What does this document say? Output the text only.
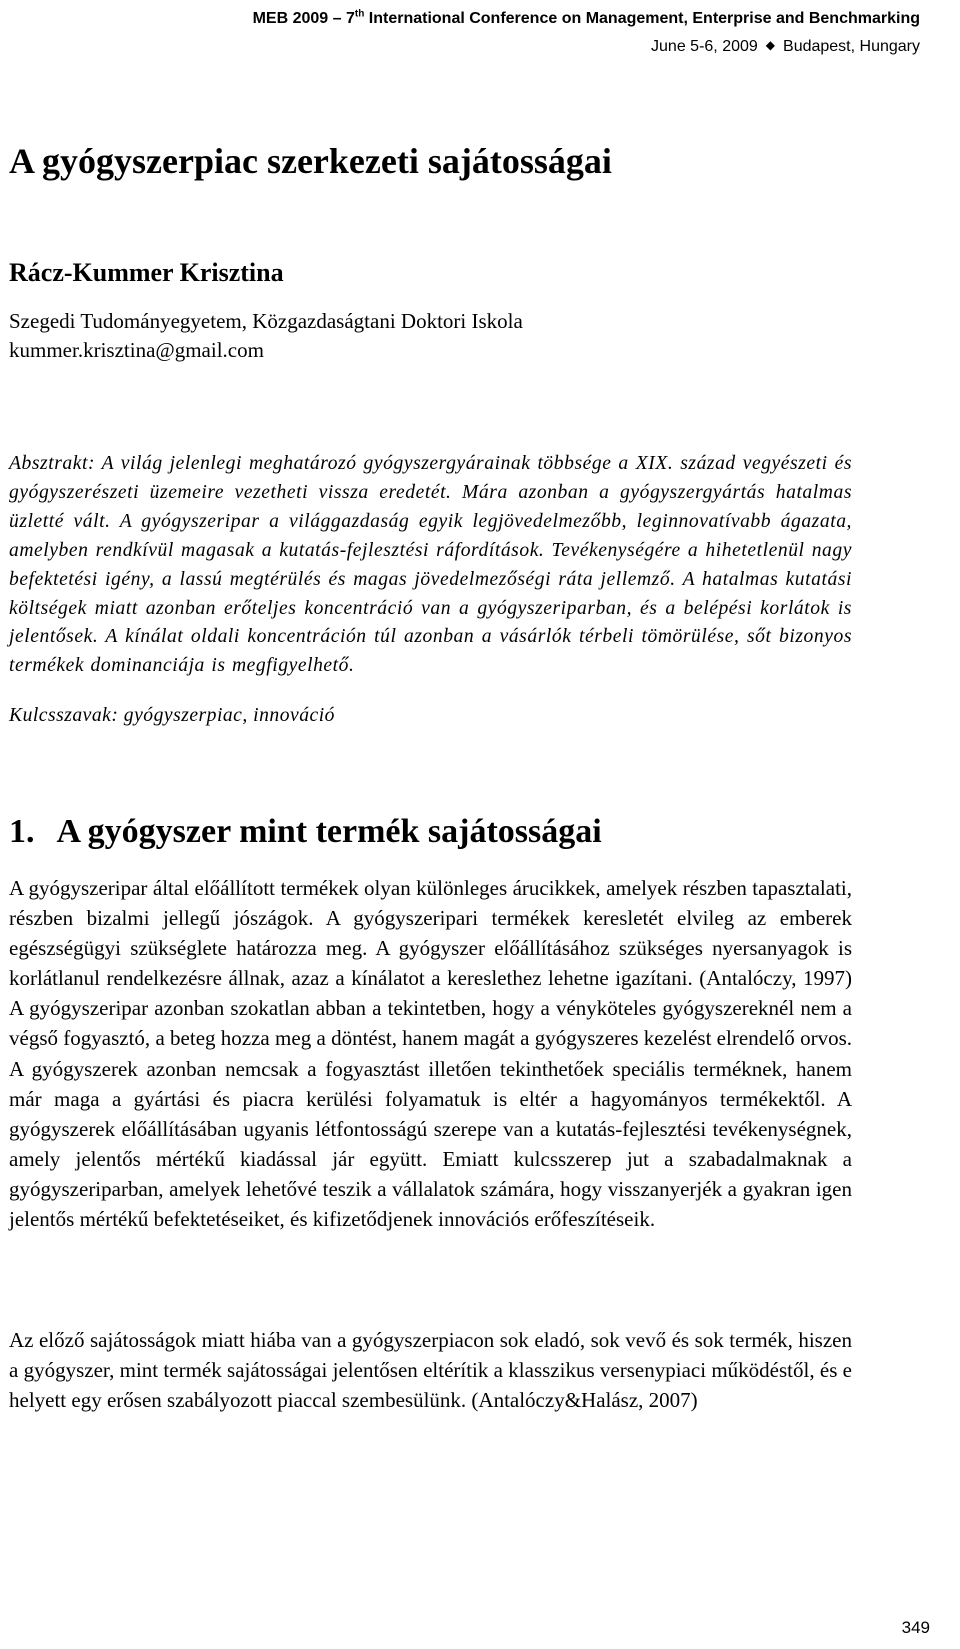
MEB 2009 – 7th International Conference on Management, Enterprise and Benchmarking
June 5-6, 2009 ◆ Budapest, Hungary
A gyógyszerpiac szerkezeti sajátosságai
Rácz-Kummer Krisztina
Szegedi Tudományegyetem, Közgazdaságtani Doktori Iskola
kummer.krisztina@gmail.com

Absztrakt: A világ jelenlegi meghatározó gyógyszergyárainak többsége a XIX. század vegyészeti és gyógyszerészeti üzemeire vezetheti vissza eredetét. Mára azonban a gyógyszergyártás hatalmas üzletté vált. A gyógyszeripar a világgazdaság egyik legjövedelmezőbb, leginnovatívabb ágazata, amelyben rendkívül magasak a kutatás-fejlesztési ráfordítások. Tevékenységére a hihetetlenül nagy befektetési igény, a lassú megtérülés és magas jövedelmezőségi ráta jellemző. A hatalmas kutatási költségek miatt azonban erőteljes koncentráció van a gyógyszeriparban, és a belépési korlátok is jelentősek. A kínálat oldali koncentráción túl azonban a vásárlók térbeli tömörülése, sőt bizonyos termékek dominanciája is megfigyelhető.

Kulcsszavak: gyógyszerpiac, innováció

1. A gyógyszer mint termék sajátosságai

A gyógyszeripar által előállított termékek olyan különleges árucikkek, amelyek részben tapasztalati, részben bizalmi jellegű jószágok. A gyógyszeripari termékek keresletét elvileg az emberek egészségügyi szükséglete határozza meg. A gyógyszer előállításához szükséges nyersanyagok is korlátlanul rendelkezésre állnak, azaz a kínálatot a kereslethez lehetne igazítani. (Antalóczy, 1997) A gyógyszeripar azonban szokatlan abban a tekintetben, hogy a vényköteles gyógyszereknél nem a végső fogyasztó, a beteg hozza meg a döntést, hanem magát a gyógyszeres kezelést elrendelő orvos. A gyógyszerek azonban nemcsak a fogyasztást illetően tekinthetőek speciális terméknek, hanem már maga a gyártási és piacra kerülési folyamatuk is eltér a hagyományos termékektől. A gyógyszerek előállításában ugyanis létfontosságú szerepe van a kutatás-fejlesztési tevékenységnek, amely jelentős mértékű kiadással jár együtt. Emiatt kulcsszerep jut a szabadalmaknak a gyógyszeriparban, amelyek lehetővé teszik a vállalatok számára, hogy visszanyerjék a gyakran igen jelentős mértékű befektetéseiket, és kifizetődjenek innovációs erőfeszítéseik.

Az előző sajátosságok miatt hiába van a gyógyszerpiacon sok eladó, sok vevő és sok termék, hiszen a gyógyszer, mint termék sajátosságai jelentősen eltérítik a klasszikus versenypiaci működéstől, és e helyett egy erősen szabályozott piaccal szembesülünk. (Antalóczy&Halász, 2007)

349
